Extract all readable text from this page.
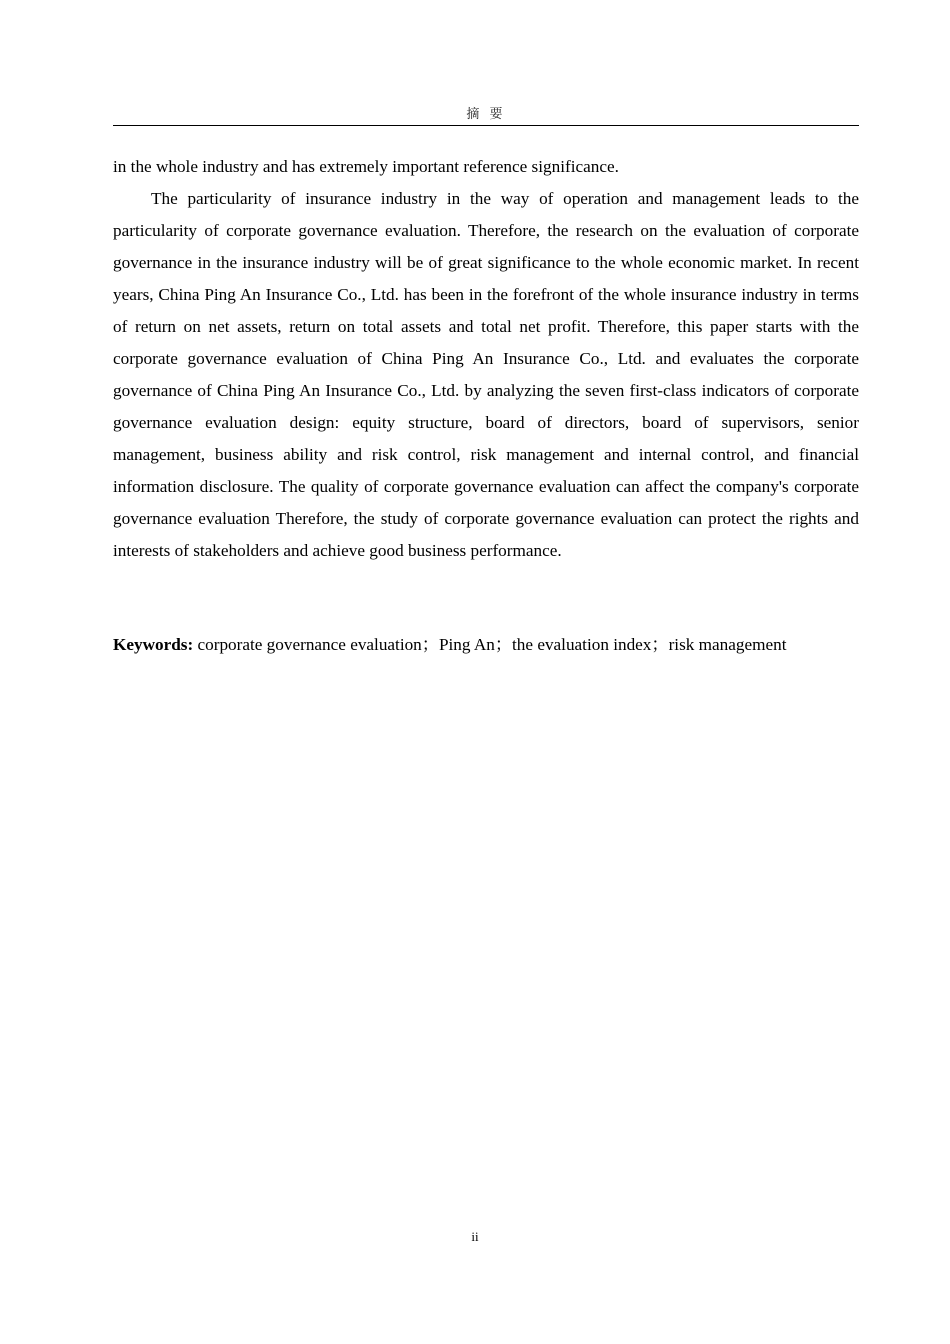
摘 要

in the whole industry and has extremely important reference significance.

The particularity of insurance industry in the way of operation and management leads to the particularity of corporate governance evaluation. Therefore, the research on the evaluation of corporate governance in the insurance industry will be of great significance to the whole economic market. In recent years, China Ping An Insurance Co., Ltd. has been in the forefront of the whole insurance industry in terms of return on net assets, return on total assets and total net profit. Therefore, this paper starts with the corporate governance evaluation of China Ping An Insurance Co., Ltd. and evaluates the corporate governance of China Ping An Insurance Co., Ltd. by analyzing the seven first-class indicators of corporate governance evaluation design: equity structure, board of directors, board of supervisors, senior management, business ability and risk control, risk management and internal control, and financial information disclosure. The quality of corporate governance evaluation can affect the company's corporate governance evaluation Therefore, the study of corporate governance evaluation can protect the rights and interests of stakeholders and achieve good business performance.

Keywords: corporate governance evaluation；Ping An；the evaluation index；risk management
ii
